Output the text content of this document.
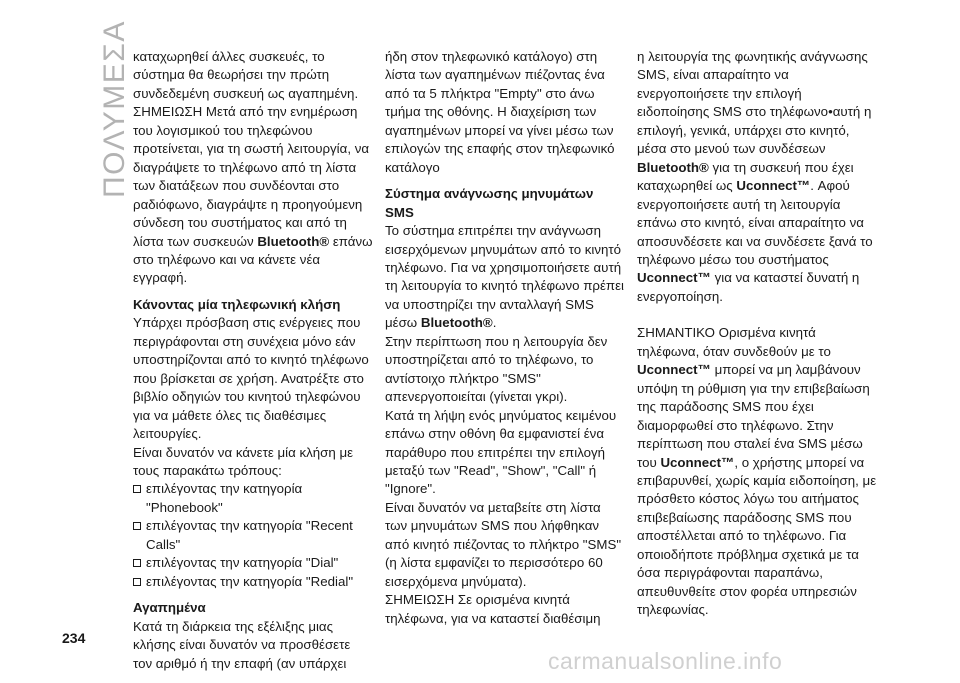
ΠΟΛΥΜΕΣΑ καταχωρηθεί άλλες συσκευές, το σύστημα θα θεωρήσει την πρώτη συνδεδεμένη συσκευή ως αγαπημένη.

ΣΗΜΕΙΩΣΗ Μετά από την ενημέρωση του λογισμικού του τηλεφώνου προτείνεται, για τη σωστή λειτουργία, να διαγράψετε το τηλέφωνο από τη λίστα των διατάξεων που συνδέονται στο ραδιόφωνο, διαγράψτε η προηγούμενη σύνδεση του συστήματος και από τη λίστα των συσκευών Bluetooth® επάνω στο τηλέφωνο και να κάνετε νέα εγγραφή.

Κάνοντας μία τηλεφωνική κλήση

Υπάρχει πρόσβαση στις ενέργειες που περιγράφονται στη συνέχεια μόνο εάν υποστηρίζονται από το κινητό τηλέφωνο που βρίσκεται σε χρήση. Ανατρέξτε στο βιβλίο οδηγιών του κινητού τηλεφώνου για να μάθετε όλες τις διαθέσιμες λειτουργίες.

Είναι δυνατόν να κάνετε μία κλήση με τους παρακάτω τρόπους:

επιλέγοντας την κατηγορία "Phonebook"
επιλέγοντας την κατηγορία "Recent Calls"
επιλέγοντας την κατηγορία "Dial"
επιλέγοντας την κατηγορία "Redial"

Αγαπημένα

Κατά τη διάρκεια της εξέλιξης μιας κλήσης είναι δυνατόν να προσθέσετε τον αριθμό ή την επαφή (αν υπάρχει

ήδη στον τηλεφωνικό κατάλογο) στη λίστα των αγαπημένων πιέζοντας ένα από τα 5 πλήκτρα "Empty" στο άνω τμήμα της οθόνης. Η διαχείριση των αγαπημένων μπορεί να γίνει μέσω των επιλογών της επαφής στον τηλεφωνικό κατάλογο

Σύστημα ανάγνωσης μηνυμάτων SMS

Το σύστημα επιτρέπει την ανάγνωση εισερχόμενων μηνυμάτων από το κινητό τηλέφωνο. Για να χρησιμοποιήσετε αυτή τη λειτουργία το κινητό τηλέφωνο πρέπει να υποστηρίζει την ανταλλαγή SMS μέσω Bluetooth®.

Στην περίπτωση που η λειτουργία δεν υποστηρίζεται από το τηλέφωνο, το αντίστοιχο πλήκτρο "SMS" απενεργοποιείται (γίνεται γκρι).

Κατά τη λήψη ενός μηνύματος κειμένου επάνω στην οθόνη θα εμφανιστεί ένα παράθυρο που επιτρέπει την επιλογή μεταξύ των "Read", "Show", "Call" ή "Ignore".

Είναι δυνατόν να μεταβείτε στη λίστα των μηνυμάτων SMS που λήφθηκαν από κινητό πιέζοντας το πλήκτρο "SMS" (η λίστα εμφανίζει το περισσότερο 60 εισερχόμενα μηνύματα).

ΣΗΜΕΙΩΣΗ Σε ορισμένα κινητά τηλέφωνα, για να καταστεί διαθέσιμη

η λειτουργία της φωνητικής ανάγνωσης SMS, είναι απαραίτητο να ενεργοποιήσετε την επιλογή ειδοποίησης SMS στο τηλέφωνο•αυτή η επιλογή, γενικά, υπάρχει στο κινητό, μέσα στο μενού των συνδέσεων Bluetooth® για τη συσκευή που έχει καταχωρηθεί ως Uconnect™. Αφού ενεργοποιήσετε αυτή τη λειτουργία επάνω στο κινητό, είναι απαραίτητο να αποσυνδέσετε και να συνδέσετε ξανά το τηλέφωνο μέσω του συστήματος Uconnect™ για να καταστεί δυνατή η ενεργοποίηση.

ΣΗΜΑΝΤΙΚΟ Ορισμένα κινητά τηλέφωνα, όταν συνδεθούν με το Uconnect™ μπορεί να μη λαμβάνουν υπόψη τη ρύθμιση για την επιβεβαίωση της παράδοσης SMS που έχει διαμορφωθεί στο τηλέφωνο. Στην περίπτωση που σταλεί ένα SMS μέσω του Uconnect™, ο χρήστης μπορεί να επιβαρυνθεί, χωρίς καμία ειδοποίηση, με πρόσθετο κόστος λόγω του αιτήματος επιβεβαίωσης παράδοσης SMS που αποστέλλεται από το τηλέφωνο. Για οποιοδήποτε πρόβλημα σχετικά με τα όσα περιγράφονται παραπάνω, απευθυνθείτε στον φορέα υπηρεσιών τηλεφωνίας.

234
carmanualsonline.info
